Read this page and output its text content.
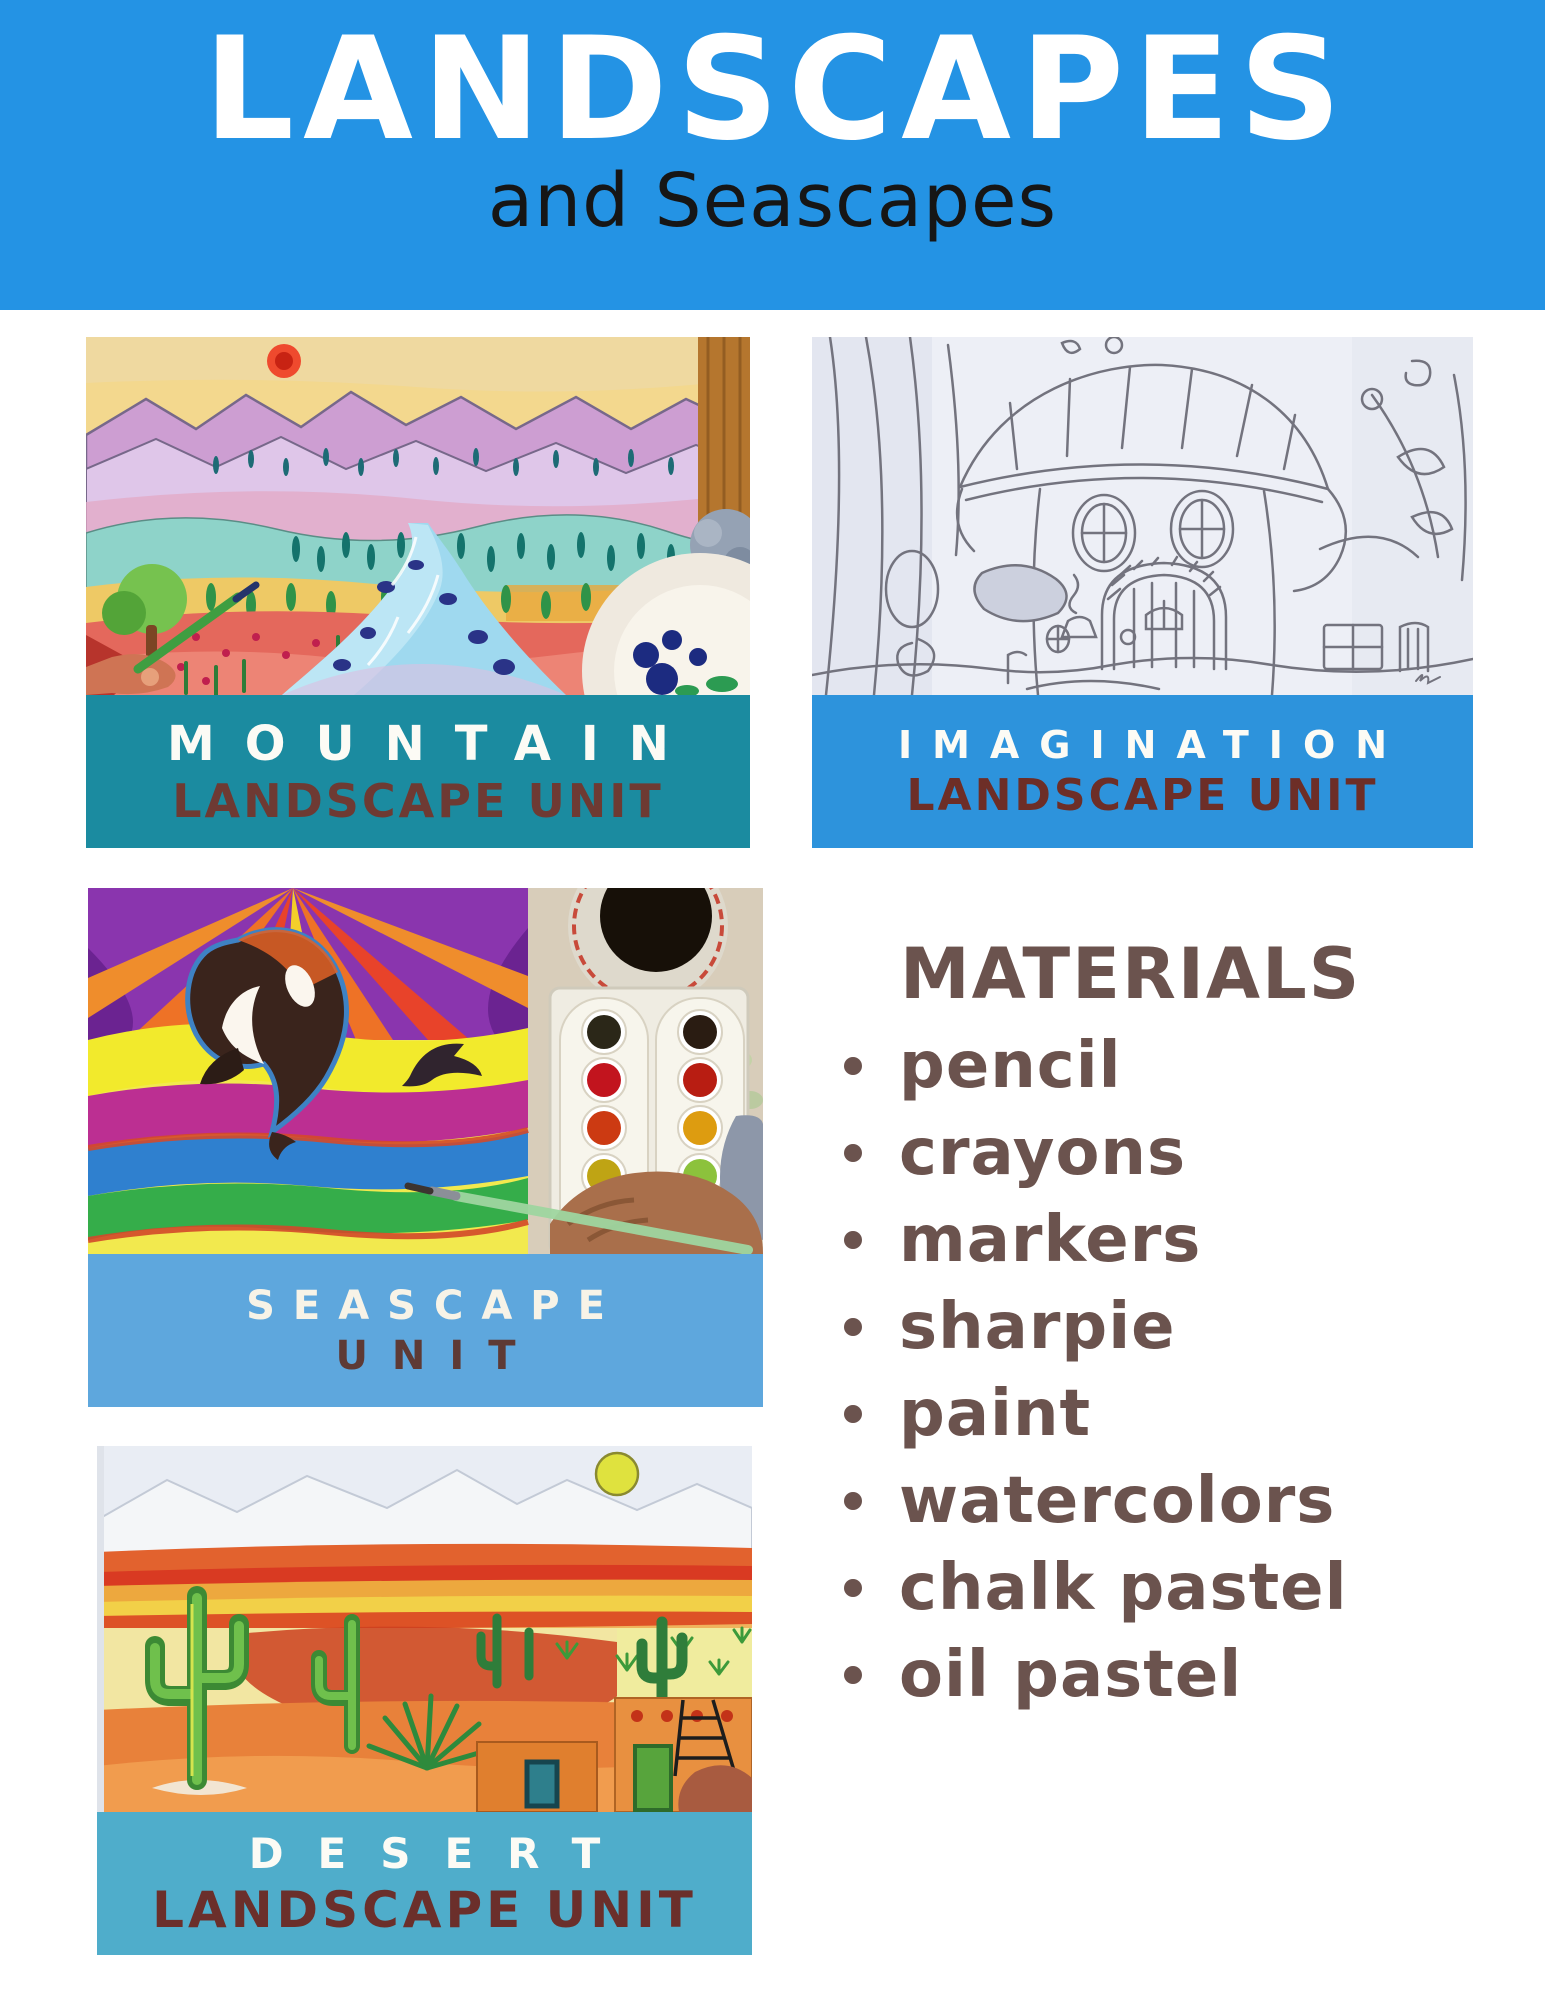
LANDSCAPES
and Seascapes
MOUNTAIN
LANDSCAPE UNIT
IMAGINATION
LANDSCAPE UNIT
SEASCAPE
UNIT
MATERIALS
pencil
crayons
markers
sharpie
paint
watercolors
chalk pastel
oil pastel
DESERT
LANDSCAPE UNIT
